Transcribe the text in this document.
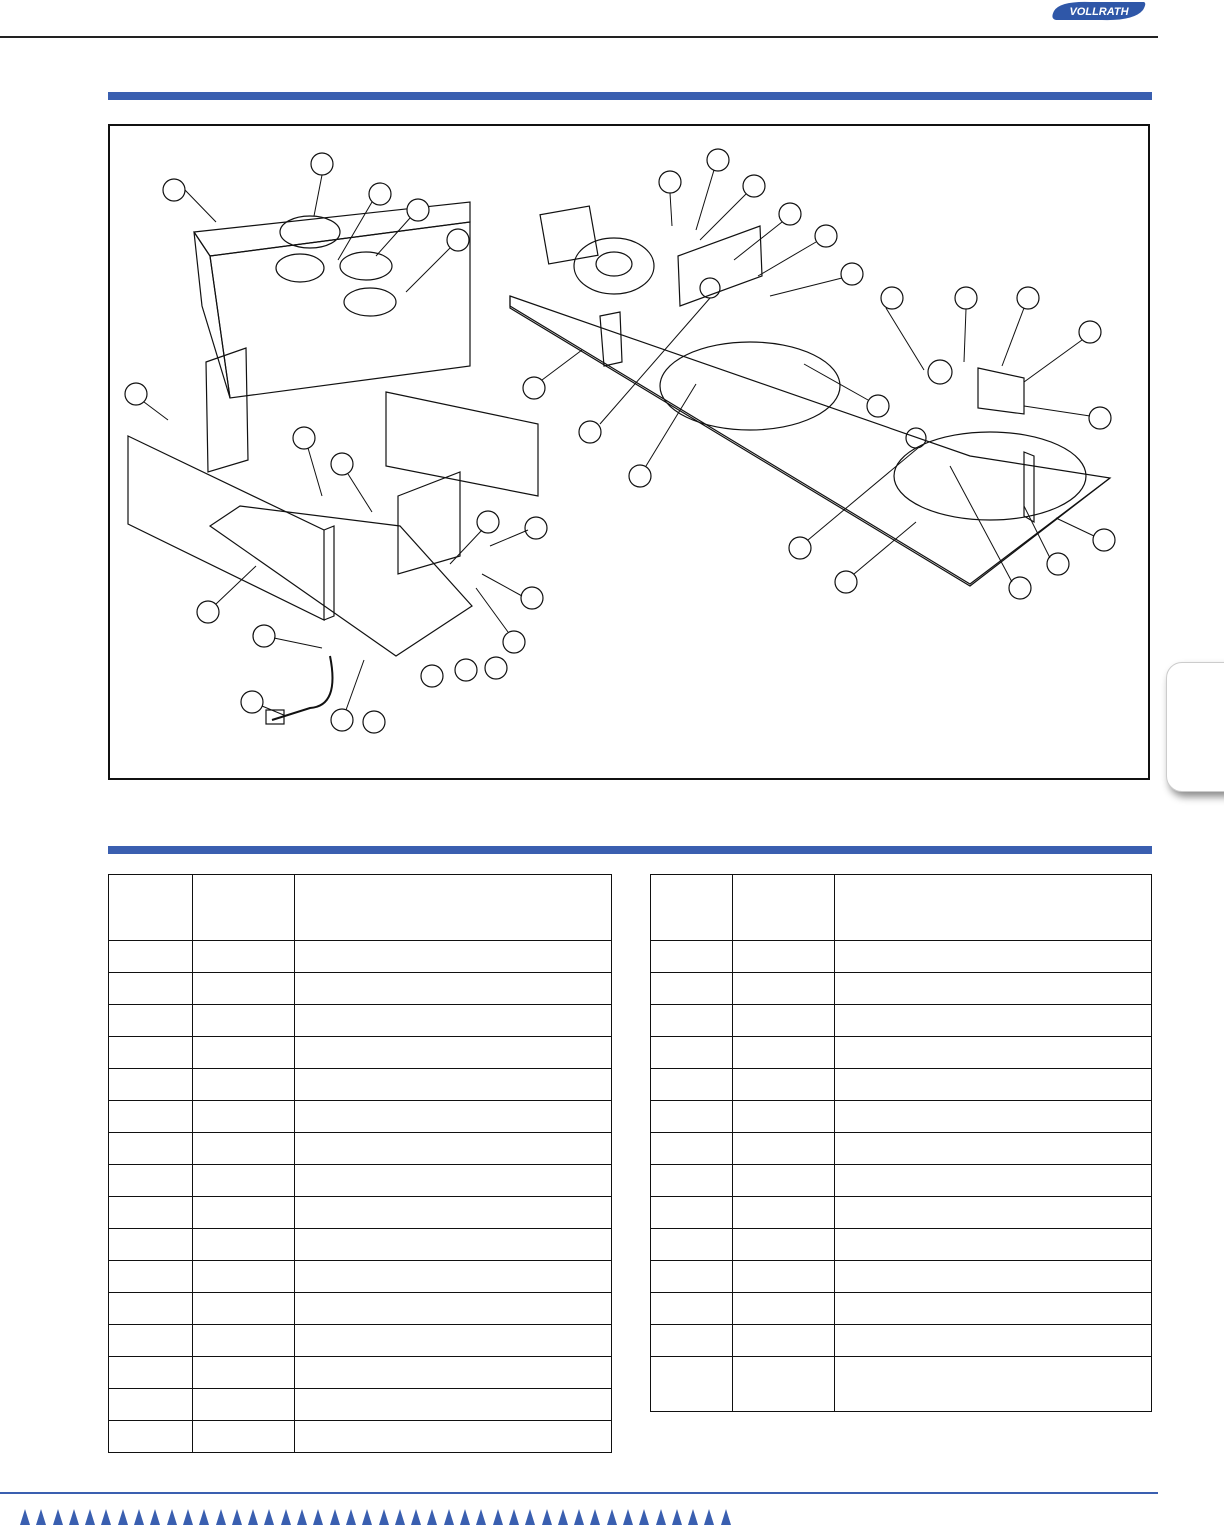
VOLLRATH
